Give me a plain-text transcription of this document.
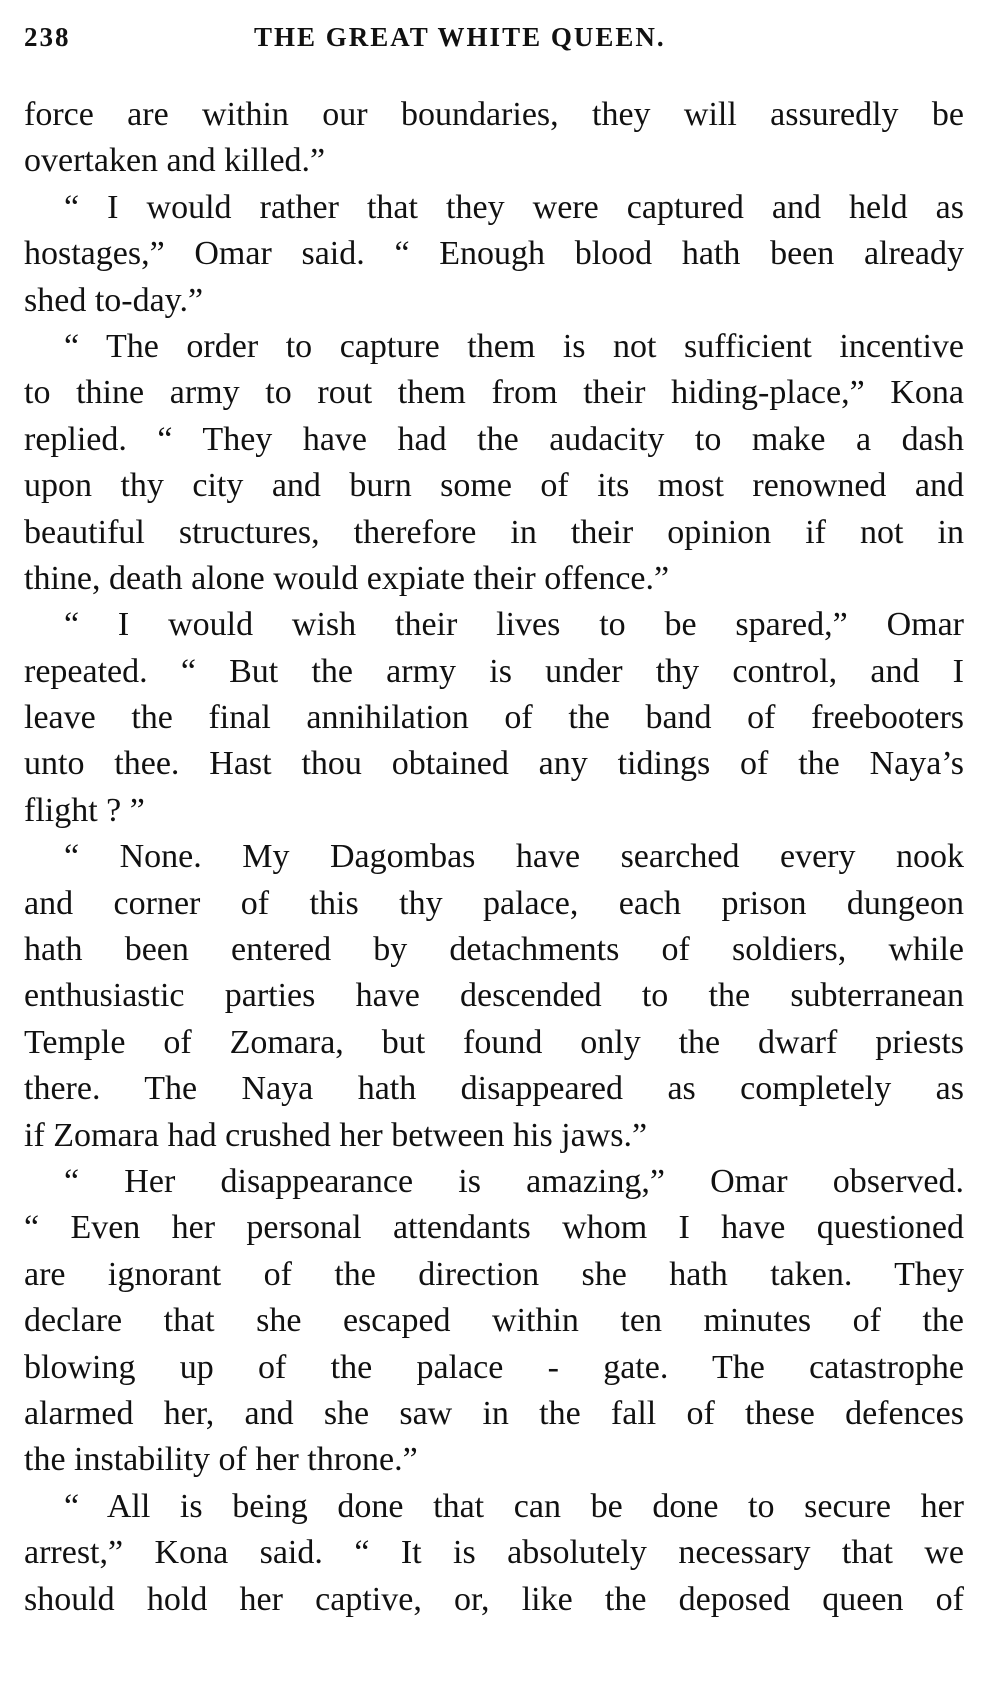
238	THE GREAT WHITE QUEEN.
force are within our boundaries, they will assuredly be
overtaken and killed.”
“ I would rather that they were captured and held as
hostages,” Omar said. “ Enough blood hath been already
shed to-day.”
“ The order to capture them is not sufficient incentive
to thine army to rout them from their hiding-place,” Kona
replied. “ They have had the audacity to make a dash
upon thy city and burn some of its most renowned and
beautiful structures, therefore in their opinion if not in
thine, death alone would expiate their offence.”
“ I would wish their lives to be spared,” Omar
repeated. “ But the army is under thy control, and I
leave the final annihilation of the band of freebooters
unto thee. Hast thou obtained any tidings of the Naya’s
flight ? ”
“ None. My Dagombas have searched every nook
and corner of this thy palace, each prison dungeon
hath been entered by detachments of soldiers, while
enthusiastic parties have descended to the subterranean
Temple of Zomara, but found only the dwarf priests
there. The Naya hath disappeared as completely as
if Zomara had crushed her between his jaws.”
“ Her disappearance is amazing,” Omar observed.
“ Even her personal attendants whom I have questioned
are ignorant of the direction she hath taken. They
declare that she escaped within ten minutes of the
blowing up of the palace - gate. The catastrophe
alarmed her, and she saw in the fall of these defences
the instability of her throne.”
“ All is being done that can be done to secure her
arrest,” Kona said. “ It is absolutely necessary that we
should hold her captive, or, like the deposed queen of
